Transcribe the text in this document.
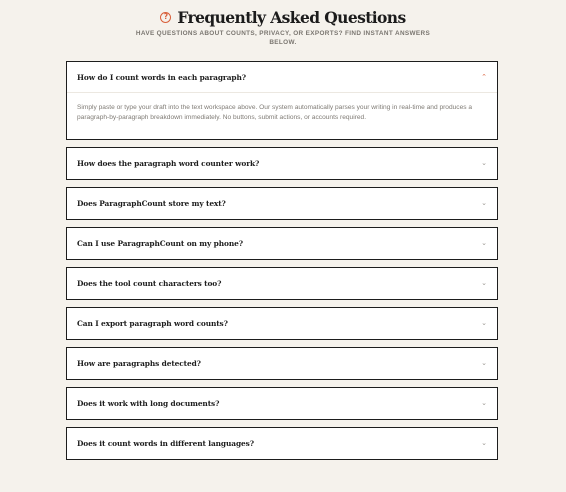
? Frequently Asked Questions

HAVE QUESTIONS ABOUT COUNTS, PRIVACY, OR EXPORTS? FIND INSTANT ANSWERS BELOW.

How do I count words in each paragraph?	⌃
Simply paste or type your draft into the text workspace above. Our system automatically parses your writing in real-time and produces a paragraph-by-paragraph breakdown immediately. No buttons, submit actions, or accounts required.
How does the paragraph word counter work?	⌄
Does ParagraphCount store my text?	⌄
Can I use ParagraphCount on my phone?	⌄
Does the tool count characters too?	⌄
Can I export paragraph word counts?	⌄
How are paragraphs detected?	⌄
Does it work with long documents?	⌄
Does it count words in different languages?	⌄
